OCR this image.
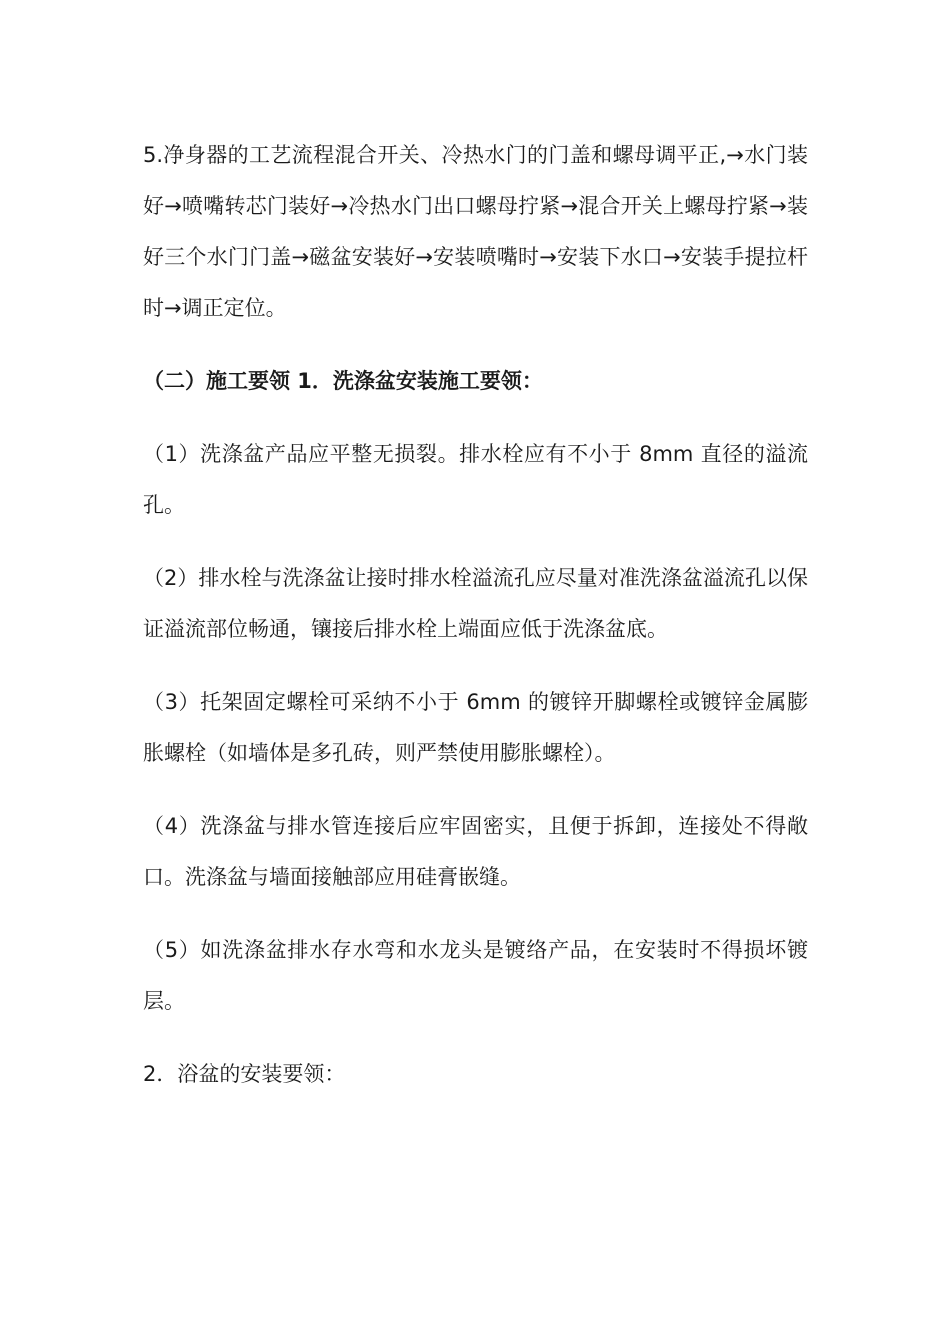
5.净身器的工艺流程混合开关、冷热水门的门盖和螺母调平正,→水门装好→喷嘴转芯门装好→冷热水门出口螺母拧紧→混合开关上螺母拧紧→装好三个水门门盖→磁盆安装好→安装喷嘴时→安装下水口→安装手提拉杆时→调正定位。

（二）施工要领 1．洗涤盆安装施工要领：

（1）洗涤盆产品应平整无损裂。排水栓应有不小于 8mm 直径的溢流孔。

（2）排水栓与洗涤盆让接时排水栓溢流孔应尽量对准洗涤盆溢流孔以保证溢流部位畅通，镶接后排水栓上端面应低于洗涤盆底。

（3）托架固定螺栓可采纳不小于 6mm 的镀锌开脚螺栓或镀锌金属膨胀螺栓（如墙体是多孔砖，则严禁使用膨胀螺栓）。

（4）洗涤盆与排水管连接后应牢固密实，且便于拆卸，连接处不得敞口。洗涤盆与墙面接触部应用硅膏嵌缝。

（5）如洗涤盆排水存水弯和水龙头是镀络产品，在安装时不得损坏镀层。

2．浴盆的安装要领：
